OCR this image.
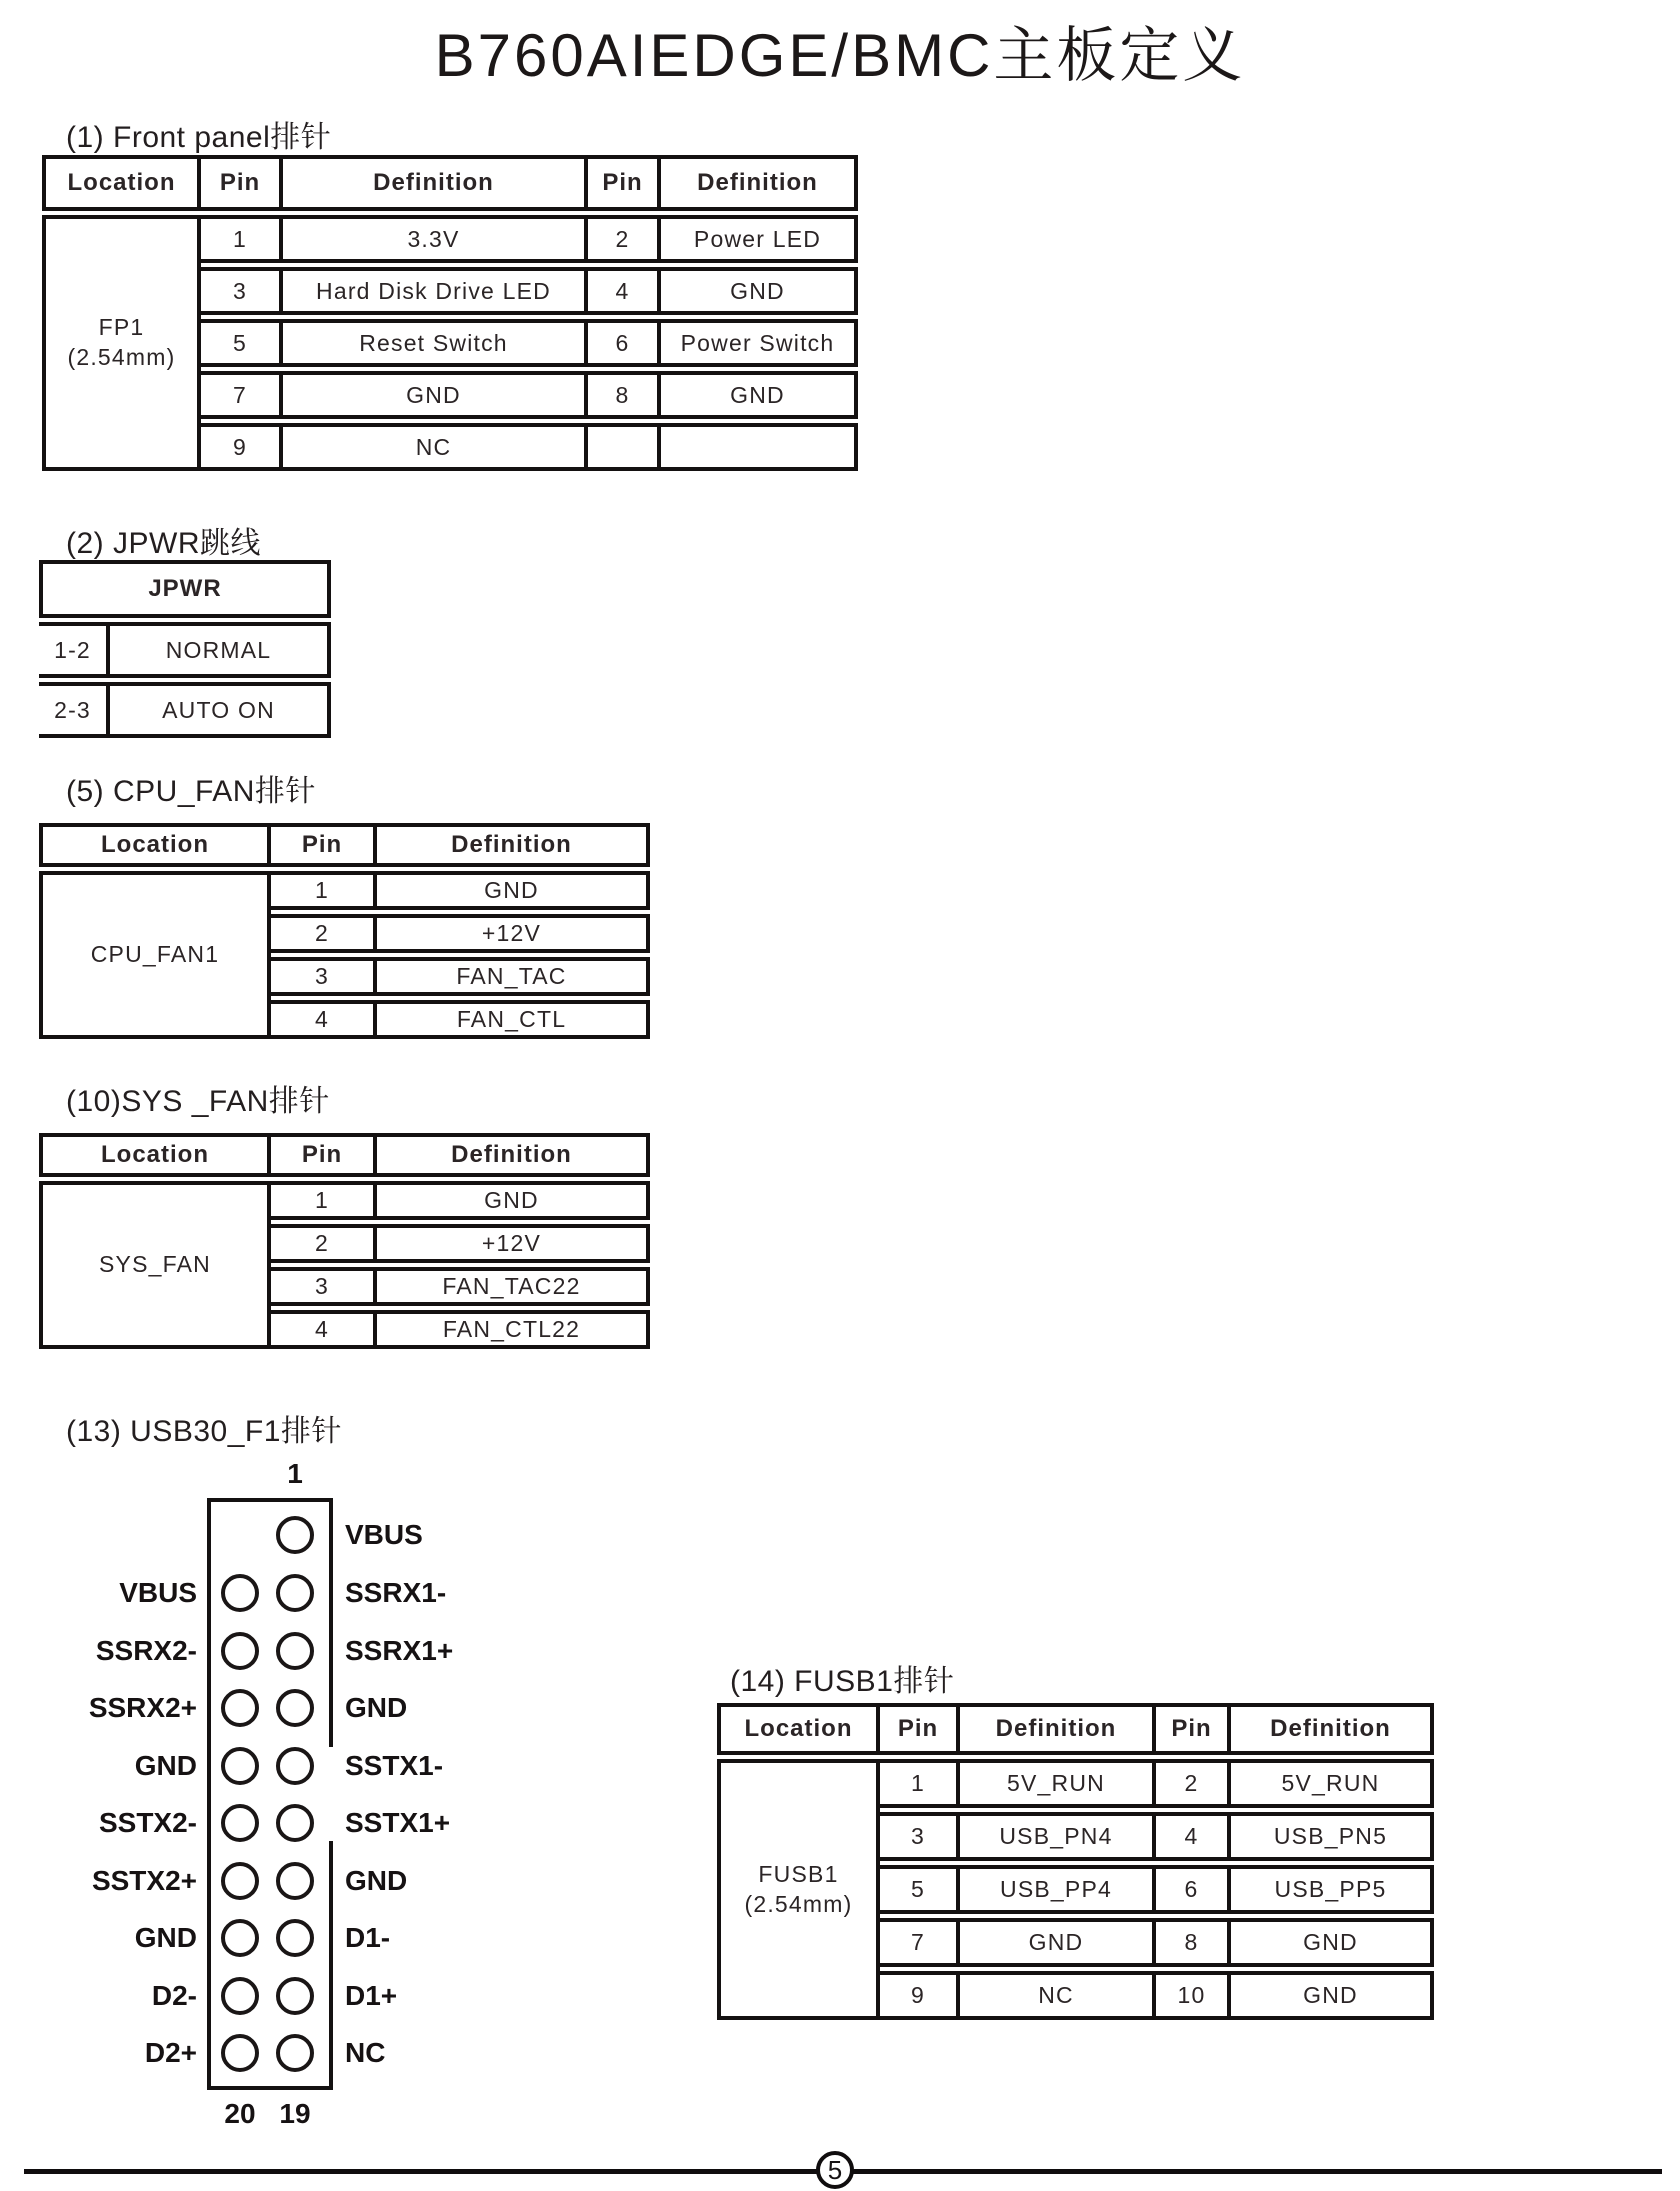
B760AIEDGE/BMC主板定义
(1) Front panel排针
Location	Pin	Definition	Pin	Definition
FP1
(2.54mm)
1	3.3V	2	Power LED
3	Hard Disk Drive LED	4	GND
5	Reset Switch	6	Power Switch
7	GND	8	GND
9	NC
(2) JPWR跳线
JPWR
1-2	NORMAL
2-3	AUTO ON
(5) CPU_FAN排针
Location	Pin	Definition
CPU_FAN1
1	GND
2	+12V
3	FAN_TAC
4	FAN_CTL
(10)SYS _FAN排针
Location	Pin	Definition
SYS_FAN
1	GND
2	+12V
3	FAN_TAC22
4	FAN_CTL22
(13) USB30_F1排针
1
VBUS
SSRX2-
SSRX2+
GND
SSTX2-
SSTX2+
GND
D2-
D2+
VBUS
SSRX1-
SSRX1+
GND
SSTX1-
SSTX1+
GND
D1-
D1+
NC
20 19
(14) FUSB1排针
Location	Pin	Definition	Pin	Definition
FUSB1
(2.54mm)
1	5V_RUN	2	5V_RUN
3	USB_PN4	4	USB_PN5
5	USB_PP4	6	USB_PP5
7	GND	8	GND
9	NC	10	GND
5
